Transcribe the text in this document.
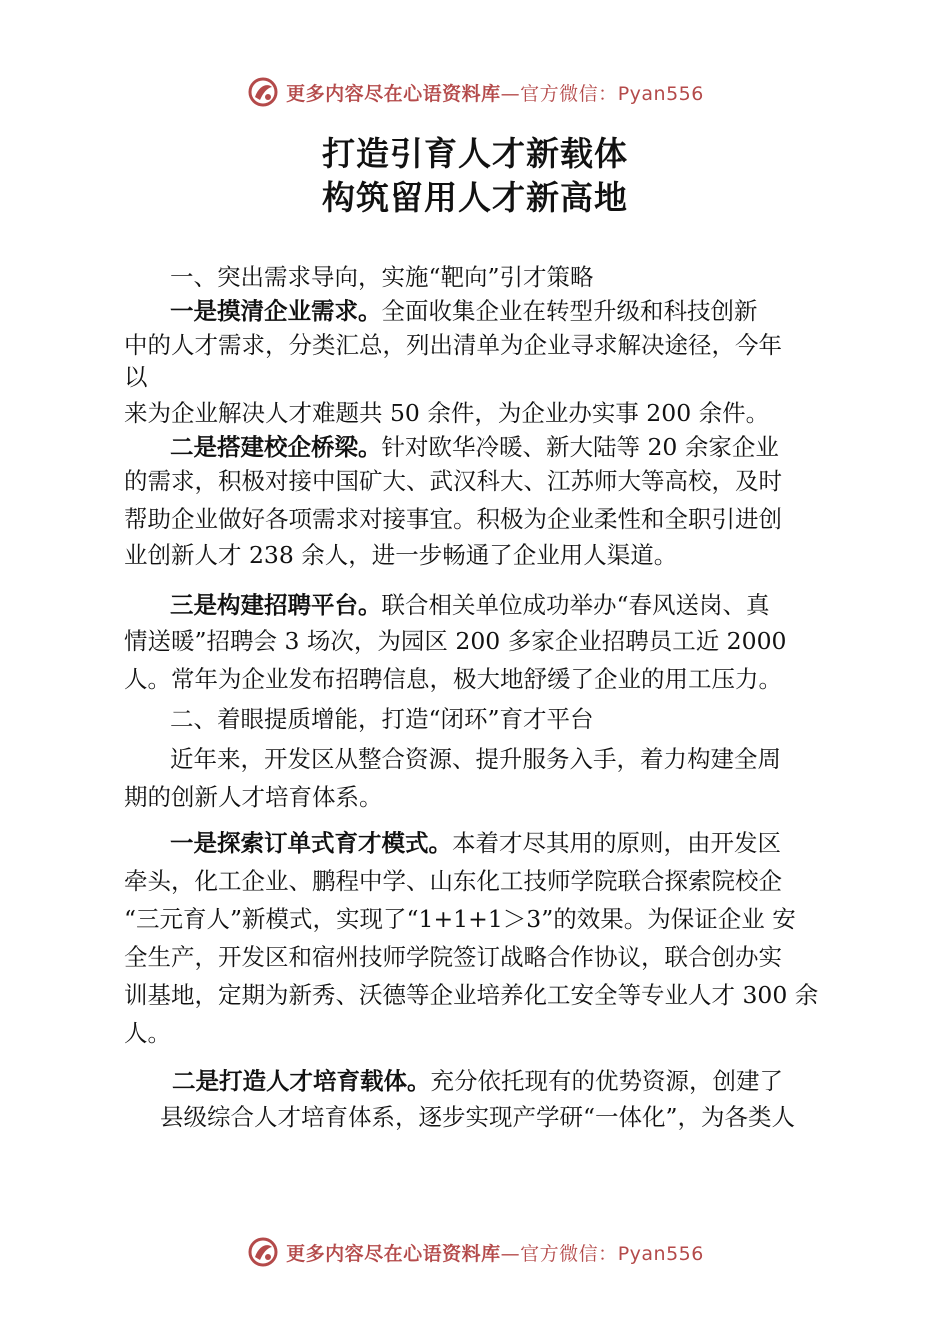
更多内容尽在心语资料库—官方微信：Pyan556
打造引育人才新载体
构筑留用人才新高地
一、突出需求导向，实施“靶向”引才策略
一是摸清企业需求。全面收集企业在转型升级和科技创新
中的人才需求，分类汇总，列出清单为企业寻求解决途径，今年
以
来为企业解决人才难题共 50 余件，为企业办实事 200 余件。
二是搭建校企桥梁。针对欧华冷暖、新大陆等 20 余家企业
的需求，积极对接中国矿大、武汉科大、江苏师大等高校，及时
帮助企业做好各项需求对接事宜。积极为企业柔性和全职引进创
业创新人才 238 余人，进一步畅通了企业用人渠道。
三是构建招聘平台。联合相关单位成功举办“春风送岗、真
情送暖”招聘会 3 场次，为园区 200 多家企业招聘员工近 2000
人。常年为企业发布招聘信息，极大地舒缓了企业的用工压力。
二、着眼提质增能，打造“闭环”育才平台
近年来，开发区从整合资源、提升服务入手，着力构建全周
期的创新人才培育体系。
一是探索订单式育才模式。本着才尽其用的原则，由开发区
牵头，化工企业、鹏程中学、山东化工技师学院联合探索院校企
“三元育人”新模式，实现了“1+1+1＞3”的效果。为保证企业 安
全生产，开发区和宿州技师学院签订战略合作协议，联合创办实
训基地，定期为新秀、沃德等企业培养化工安全等专业人才 300 余
人。
二是打造人才培育载体。充分依托现有的优势资源，创建了
县级综合人才培育体系，逐步实现产学研“一体化”，为各类人
更多内容尽在心语资料库—官方微信：Pyan556
